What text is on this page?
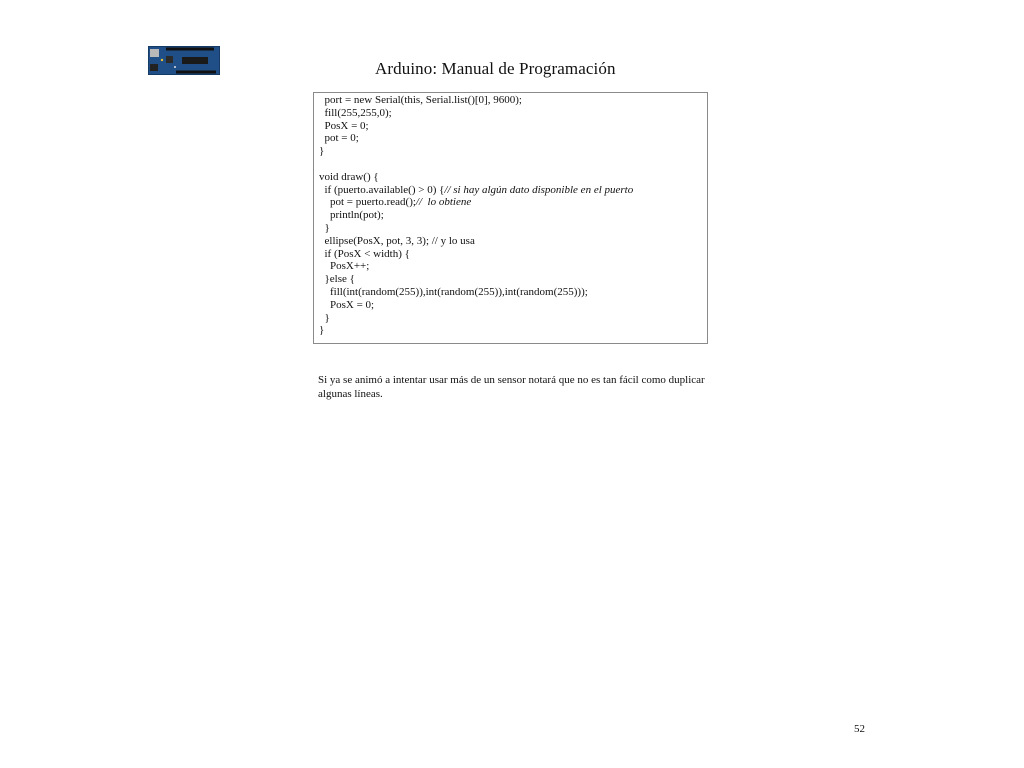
Arduino: Manual de Programación
port = new Serial(this, Serial.list()[0], 9600);
fill(255,255,0);
PosX = 0;
pot = 0;
}
void draw() {
if (puerto.available() > 0) {// si hay algún dato disponible en el puerto
pot = puerto.read();//  lo obtiene
println(pot);
}
ellipse(PosX, pot, 3, 3); // y lo usa
if (PosX < width) {
PosX++;
}else {
fill(int(random(255)),int(random(255)),int(random(255)));
PosX = 0;
}
}
Si ya se animó a intentar usar más de un sensor notará que no es tan fácil como duplicar algunas líneas.
52
